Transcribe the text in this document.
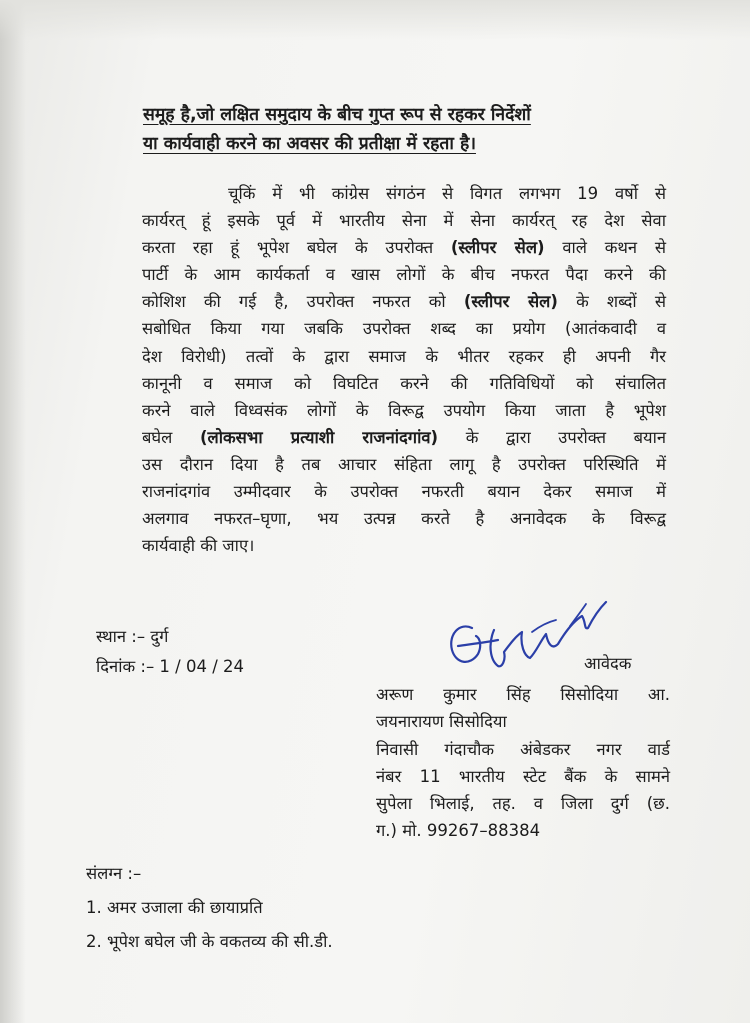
समूह है,जो लक्षित समुदाय के बीच गुप्त रूप से रहकर निर्देशों
या कार्यवाही करने का अवसर की प्रतीक्षा में रहता है।
चूकिं में भी कांग्रेस संगठंन से विगत लगभग 19 वर्षो से
कार्यरत् हूं इसके पूर्व में भारतीय सेना में सेना कार्यरत् रह देश सेवा
करता रहा हूं भूपेश बघेल के उपरोक्त (स्लीपर सेल) वाले कथन से
पार्टी के आम कार्यकर्ता व खास लोगों के बीच नफरत पैदा करने की
कोशिश की गई है, उपरोक्त नफरत को (स्लीपर सेल) के शब्दों से
सबोधित किया गया जबकि उपरोक्त शब्द का प्रयोग (आतंकवादी व
देश विरोधी) तत्वों के द्वारा समाज के भीतर रहकर ही अपनी गैर
कानूनी व समाज को विघटित करने की गतिविधियों को संचालित
करने वाले विध्वसंक लोगों के विरूद्व उपयोग किया जाता है भूपेश
बघेल (लोकसभा प्रत्याशी राजनांदगांव) के द्वारा उपरोक्त बयान
उस दौरान दिया है तब आचार संहिता लागू है उपरोक्त परिस्थिति में
राजनांदगांव उम्मीदवार के उपरोक्त नफरती बयान देकर समाज में
अलगाव नफरत–घृणा, भय उत्पन्न करते है अनावेदक के विरूद्व
कार्यवाही की जाए।
स्थान :– दुर्ग
दिनांक :– 1 / 04 / 24	आवेदक
अरूण कुमार सिंह सिसोदिया आ.
जयनारायण सिसोदिया
निवासी गंदाचौक अंबेडकर नगर वार्ड
नंबर 11 भारतीय स्टेट बैंक के सामने
सुपेला भिलाई, तह. व जिला दुर्ग (छ.
ग.) मो. 99267–88384
संलग्न :–
1. अमर उजाला की छायाप्रति
2. भूपेश बघेल जी के वकतव्य की सी.डी.
